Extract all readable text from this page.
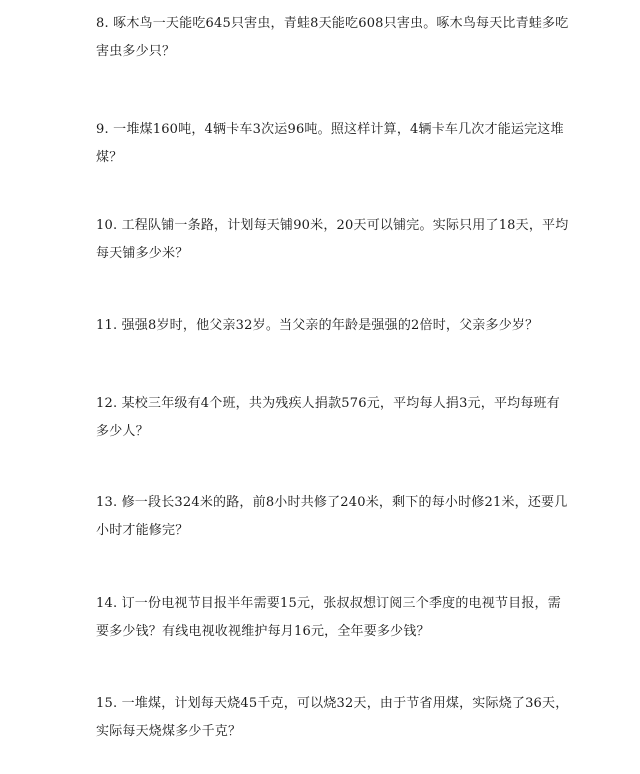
8. 啄木鸟一天能吃645只害虫，青蛙8天能吃608只害虫。啄木鸟每天比青蛙多吃
害虫多少只？
9. 一堆煤160吨，4辆卡车3次运96吨。照这样计算，4辆卡车几次才能运完这堆
煤？
10. 工程队铺一条路，计划每天铺90米，20天可以铺完。实际只用了18天，平均
每天铺多少米？
11. 强强8岁时，他父亲32岁。当父亲的年龄是强强的2倍时，父亲多少岁？
12. 某校三年级有4个班，共为残疾人捐款576元，平均每人捐3元，平均每班有
多少人？
13. 修一段长324米的路，前8小时共修了240米，剩下的每小时修21米，还要几
小时才能修完？
14. 订一份电视节目报半年需要15元，张叔叔想订阅三个季度的电视节目报，需
要多少钱？有线电视收视维护每月16元，全年要多少钱？
15. 一堆煤，计划每天烧45千克，可以烧32天，由于节省用煤，实际烧了36天，
实际每天烧煤多少千克？
